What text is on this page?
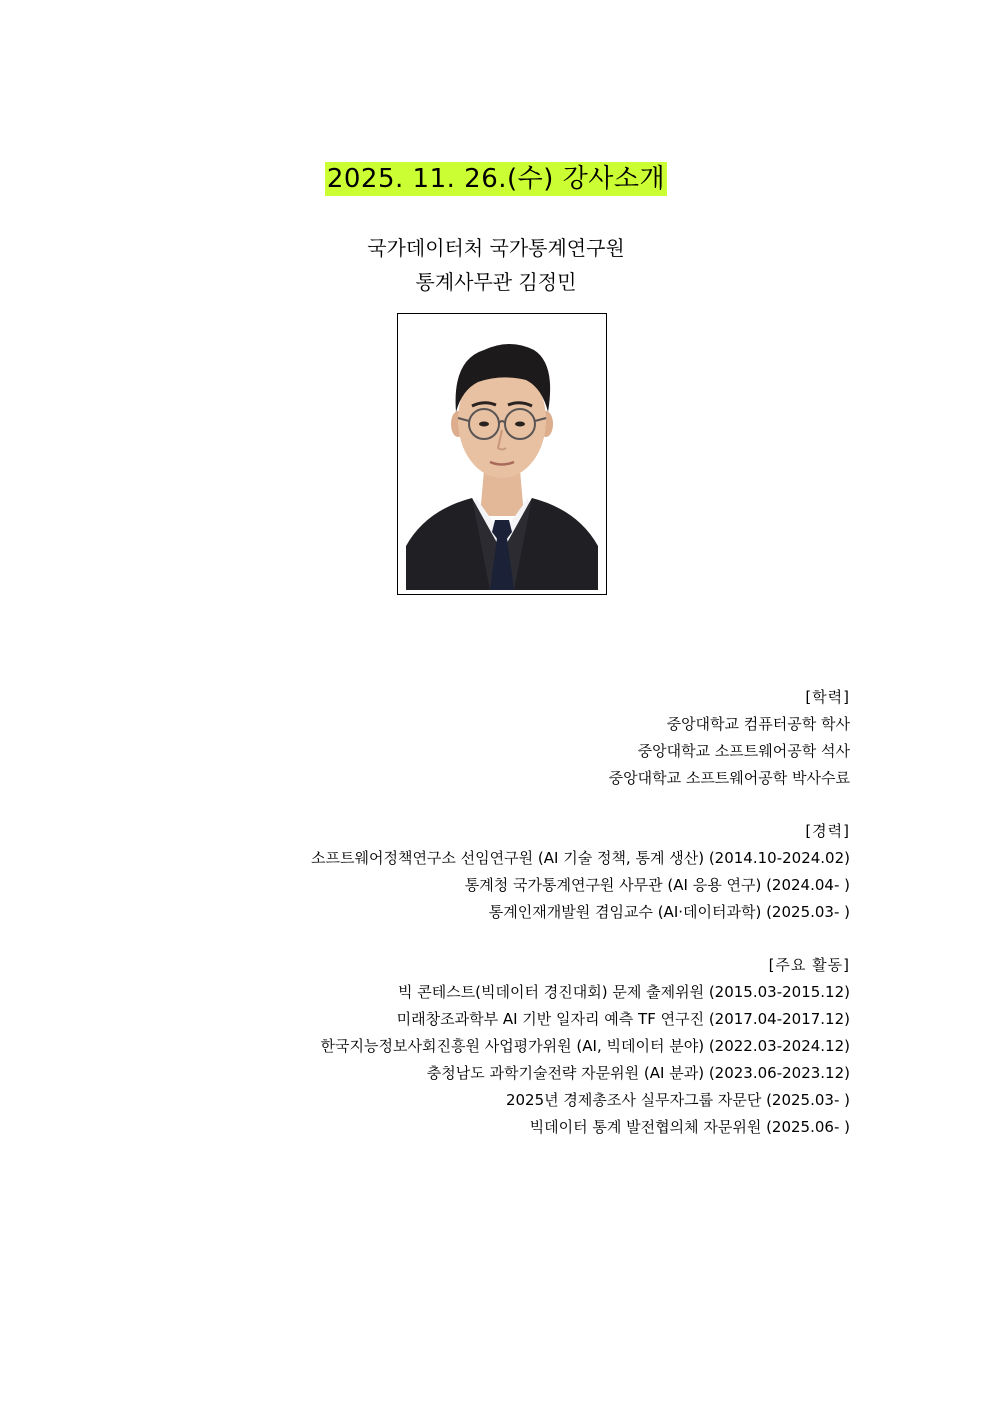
2025. 11. 26.(수) 강사소개
국가데이터처 국가통계연구원
통계사무관 김정민
[학력]
중앙대학교 컴퓨터공학 학사
중앙대학교 소프트웨어공학 석사
중앙대학교 소프트웨어공학 박사수료
[경력]
소프트웨어정책연구소 선임연구원 (AI 기술 정책, 통계 생산) (2014.10-2024.02)
통계청 국가통계연구원 사무관 (AI 응용 연구) (2024.04- )
통계인재개발원 겸임교수 (AI·데이터과학) (2025.03- )
[주요 활동]
빅 콘테스트(빅데이터 경진대회) 문제 출제위원 (2015.03-2015.12)
미래창조과학부 AI 기반 일자리 예측 TF 연구진 (2017.04-2017.12)
한국지능정보사회진흥원 사업평가위원 (AI, 빅데이터 분야) (2022.03-2024.12)
충청남도 과학기술전략 자문위원 (AI 분과) (2023.06-2023.12)
2025년 경제총조사 실무자그룹 자문단 (2025.03- )
빅데이터 통계 발전협의체 자문위원 (2025.06- )
